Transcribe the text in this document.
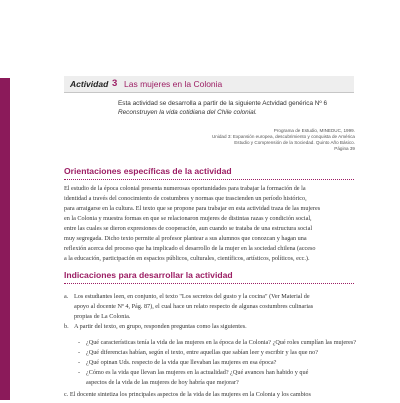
Actividad 3 Las mujeres en la Colonia
Esta actividad se desarrolla a partir de la siguiente Actvidad genérica Nº 6
Reconstruyen la vida cotidiana del Chile colonial.
Programa de Estudio, MINEDUC, 1999.
Unidad 3: Expansión europea, descubrimiento y conquista de América
Estudio y Comprensión de la Sociedad. Quinto Año Básico.
Página 39
Orientaciones específicas de la actividad
El estudio de la época colonial presenta numerosas oportunidades para trabajar la formación de la
identidad a través del conocimiento de costumbres y normas que trascienden un período histórico,
para arraigarse en la cultura. El texto que se propone para trabajar en esta actividad traza de las mujeres
en la Colonia y muestra formas en que se relacionaron mujeres de distintas razas y condición social,
entre las cuales se dieron expresiones de cooperación, aun cuando se trataba de una estructura social
muy segregada. Dicho texto permite al profesor plantear a sus alumnos que conozcan y hagan una
reflexión acerca del proceso que ha implicado el desarrollo de la mujer en la sociedad chilena (acceso
a la educación, participación en espacios públicos, culturales, científicos, artísticos, políticos, ecc.).
Indicaciones para desarrollar la actividad
a. Los estudiantes leen, en conjunto, el texto "Los secretos del gusto y la cocina" (Ver Material de
apoyo al docente Nº 4, Pág. 87), el cual hace un relato respecto de algunas costumbres culinarias
propias de La Colonia.
b. A partir del texto, en grupo, responden preguntas como las siguientes.
- ¿Qué características tenía la vida de las mujeres en la época de la Colonia? ¿Qué roles cumplían las mujeres?
- ¿Qué diferencias habían, según el texto, entre aquellas que sabían leer y escribir y las que no?
- ¿Qué opinan Uds. respecto de la vida que llevaban las mujeres en esa época?
- ¿Cómo es la vida que llevan las mujeres en la actualidad? ¿Qué avances han habido y qué
aspectos de la vida de las mujeres de hoy habría que mejorar?
c. El docente sintetiza los principales aspectos de la vida de las mujeres en la Colonia y los cambios
